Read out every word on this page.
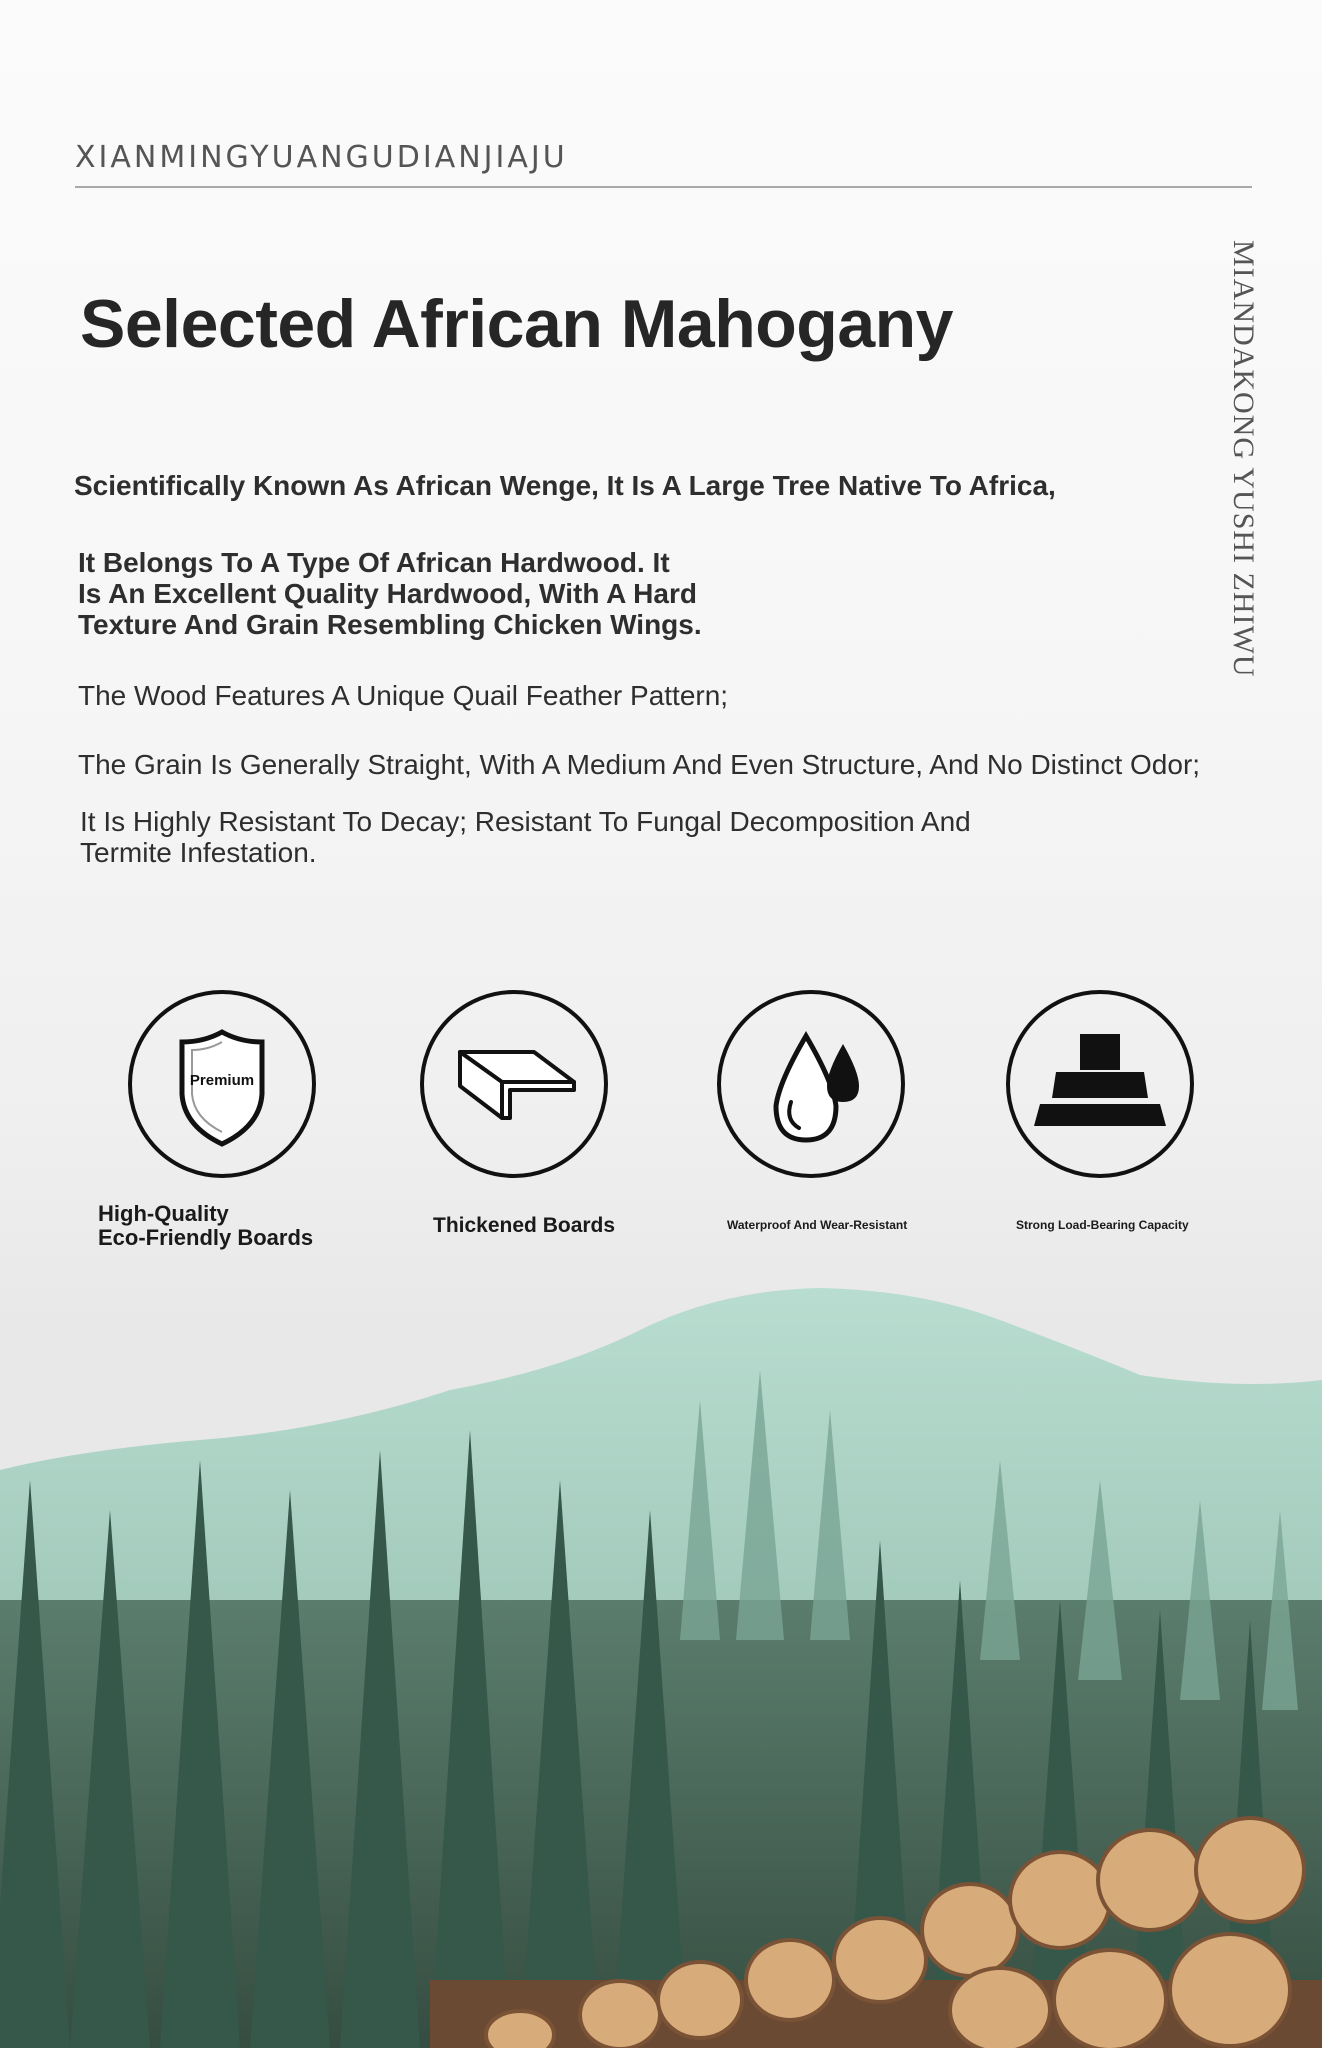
XIANMINGYUANGUDIANJIAJU
MIANDAKONG YUSHI ZHIWU
Selected African Mahogany
Scientifically Known As African Wenge, It Is A Large Tree Native To Africa,
It Belongs To A Type Of African Hardwood. It
Is An Excellent Quality Hardwood, With A Hard
Texture And Grain Resembling Chicken Wings.
The Wood Features A Unique Quail Feather Pattern;
The Grain Is Generally Straight, With A Medium And Even Structure, And No Distinct Odor;
It Is Highly Resistant To Decay; Resistant To Fungal Decomposition And
Termite Infestation.
Premium
High-Quality
Eco-Friendly Boards	Thickened Boards	Waterproof And Wear-Resistant	Strong Load-Bearing Capacity
